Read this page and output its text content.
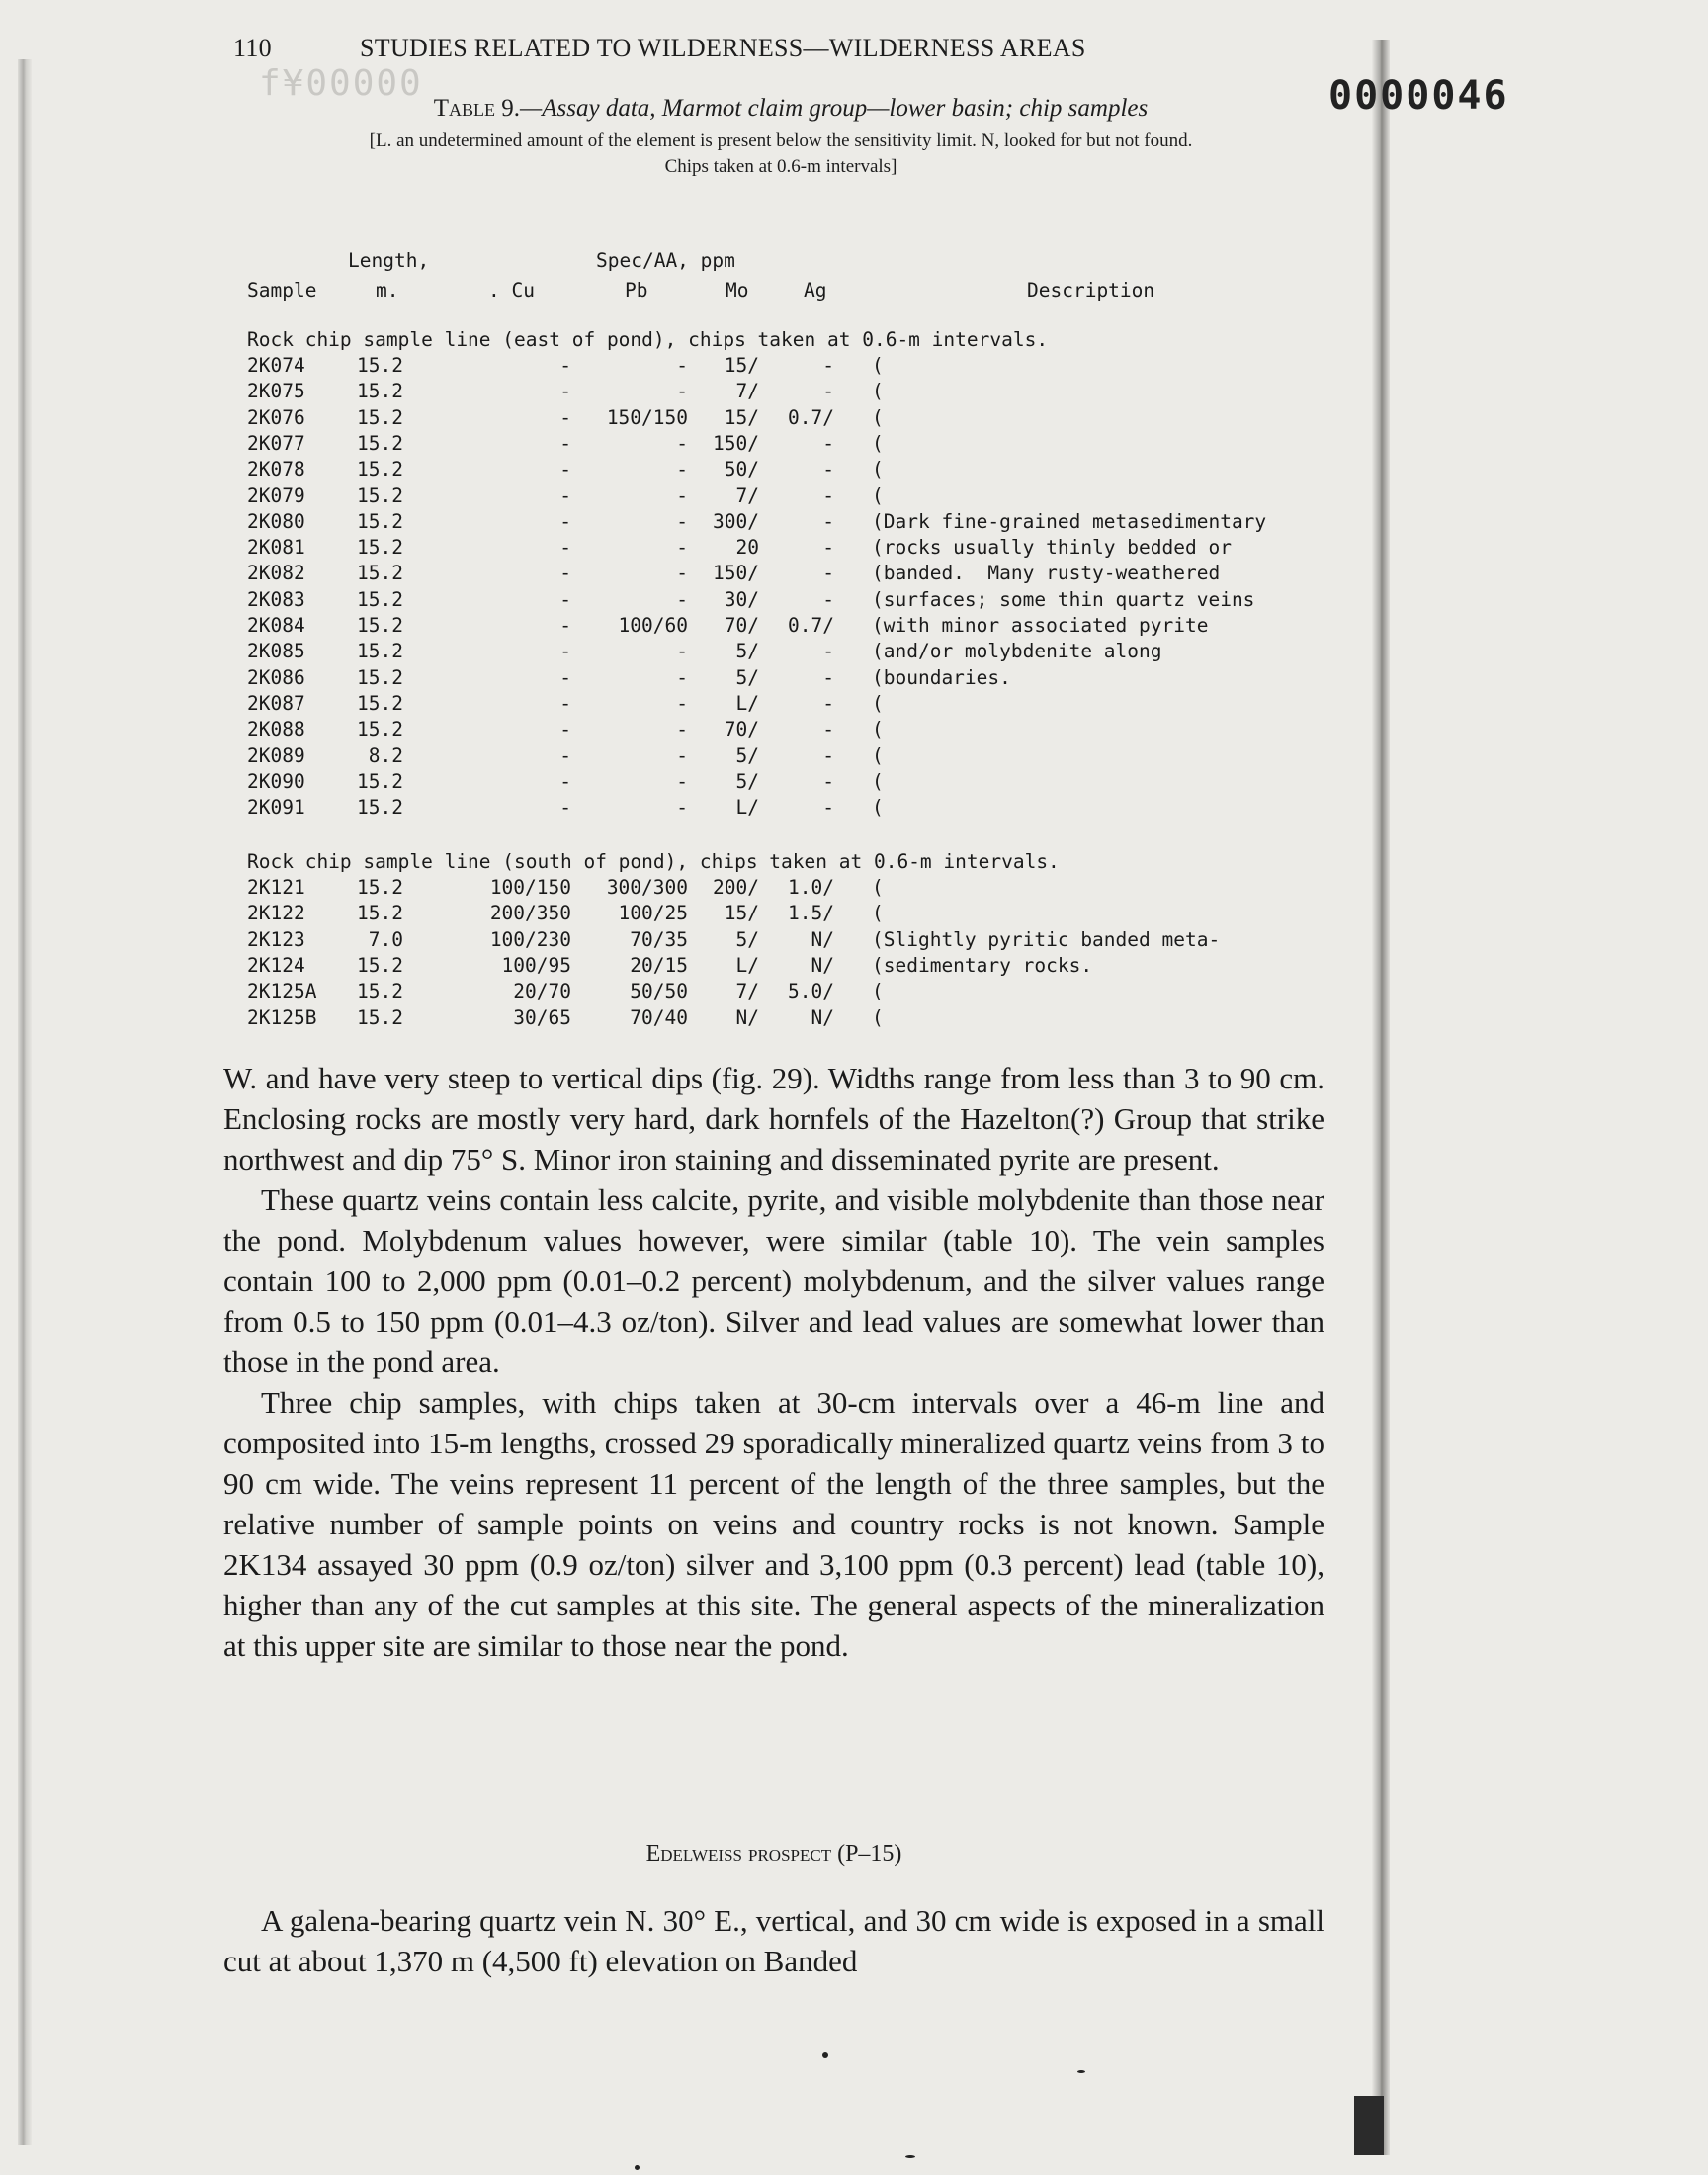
110	STUDIES RELATED TO WILDERNESS—WILDERNESS AREAS
f¥00000	0000046
Table 9.—Assay data, Marmot claim group—lower basin; chip samples
[L. an undetermined amount of the element is present below the sensitivity limit. N, looked for but not found.
Chips taken at 0.6-m intervals]
Length,	Spec/AA, ppm
Sample	m.	. Cu	Pb	Mo	Ag	Description
Rock chip sample line (east of pond), chips taken at 0.6-m intervals.
2K074	15.2	-	-	15/	- (
2K075	15.2	-	-	7/	- (
2K076	15.2	-	150/150	15/	0.7/ (
2K077	15.2	-	-	150/	- (
2K078	15.2	-	-	50/	- (
2K079	15.2	-	-	7/	- (
2K080	15.2	-	-	300/	- (Dark fine-grained metasedimentary
2K081	15.2	-	-	20	- (rocks usually thinly bedded or
2K082	15.2	-	-	150/	- (banded.  Many rusty-weathered
2K083	15.2	-	-	30/	- (surfaces; some thin quartz veins
2K084	15.2	-	100/60	70/	0.7/ (with minor associated pyrite
2K085	15.2	-	-	5/	- (and/or molybdenite along
2K086	15.2	-	-	5/	- (boundaries.
2K087	15.2	-	-	L/	- (
2K088	15.2	-	-	70/	- (
2K089	8.2	-	-	5/	- (
2K090	15.2	-	-	5/	- (
2K091	15.2	-	-	L/	- (
Rock chip sample line (south of pond), chips taken at 0.6-m intervals.
2K121	15.2	100/150	300/300	200/	1.0/ (
2K122	15.2	200/350	100/25	15/	1.5/ (
2K123	7.0	100/230	70/35	5/	N/ (Slightly pyritic banded meta-
2K124	15.2	100/95	20/15	L/	N/ (sedimentary rocks.
2K125A	15.2	20/70	50/50	7/	5.0/ (
2K125B	15.2	30/65	70/40	N/	N/ (

W. and have very steep to vertical dips (fig. 29). Widths range from less than 3 to 90 cm. Enclosing rocks are mostly very hard, dark hornfels of the Hazelton(?) Group that strike northwest and dip 75° S. Minor iron staining and disseminated pyrite are present.

These quartz veins contain less calcite, pyrite, and visible molybdenite than those near the pond. Molybdenum values however, were similar (table 10). The vein samples contain 100 to 2,000 ppm (0.01–0.2 percent) molybdenum, and the silver values range from 0.5 to 150 ppm (0.01–4.3 oz/ton). Silver and lead values are somewhat lower than those in the pond area.

Three chip samples, with chips taken at 30-cm intervals over a 46-m line and composited into 15-m lengths, crossed 29 sporadically mineralized quartz veins from 3 to 90 cm wide. The veins represent 11 percent of the length of the three samples, but the relative number of sample points on veins and country rocks is not known. Sample 2K134 assayed 30 ppm (0.9 oz/ton) silver and 3,100 ppm (0.3 percent) lead (table 10), higher than any of the cut samples at this site. The general aspects of the mineralization at this upper site are similar to those near the pond.

Edelweiss prospect (P–15)

A galena-bearing quartz vein N. 30° E., vertical, and 30 cm wide is exposed in a small cut at about 1,370 m (4,500 ft) elevation on Banded
